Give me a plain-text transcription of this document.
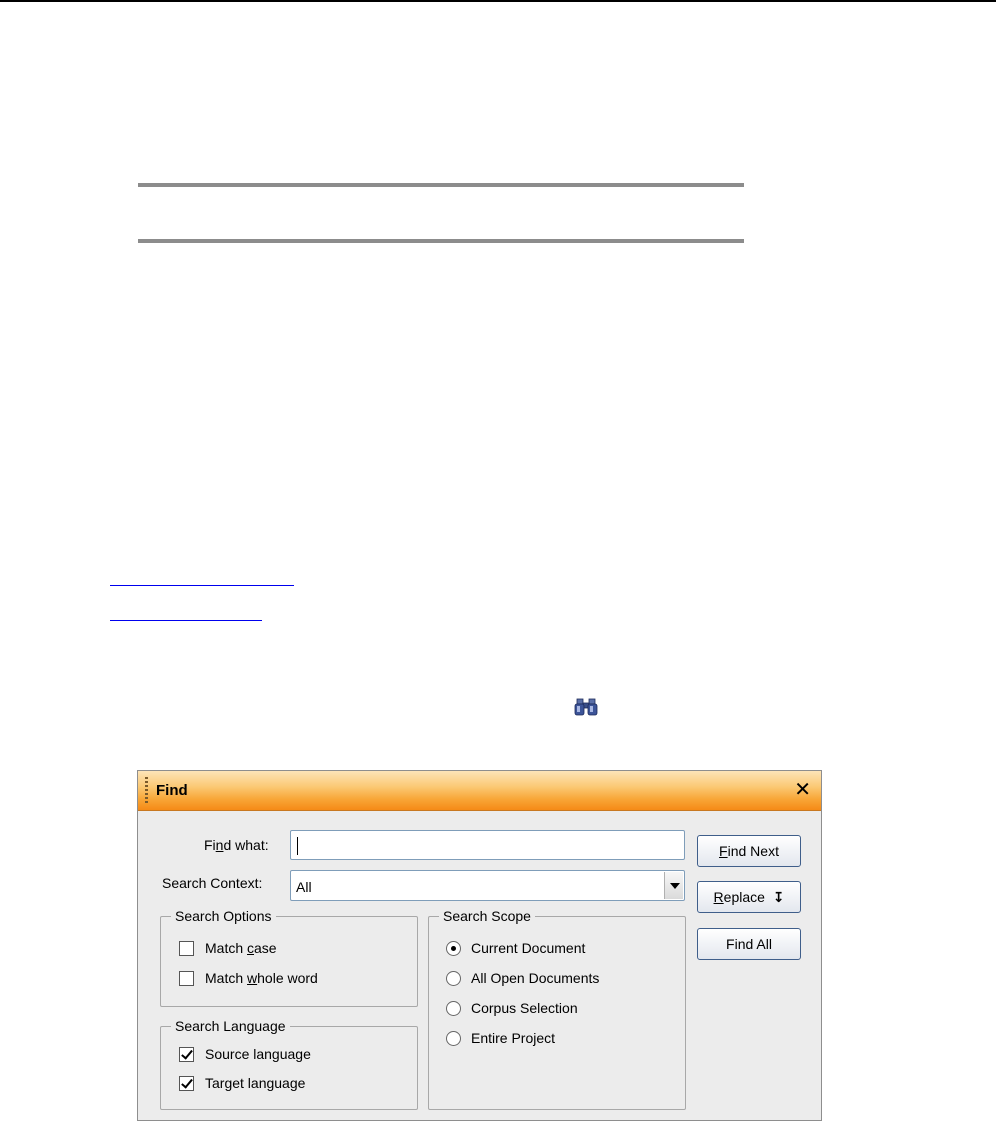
Find	✕
Find what:
Search Context: All
Search Options
Match case
Match whole word
Search Language
Source language
Target language
Search Scope
Current Document
All Open Documents
Corpus Selection
Entire Project
Find Next
Replace  ↧
Find All
